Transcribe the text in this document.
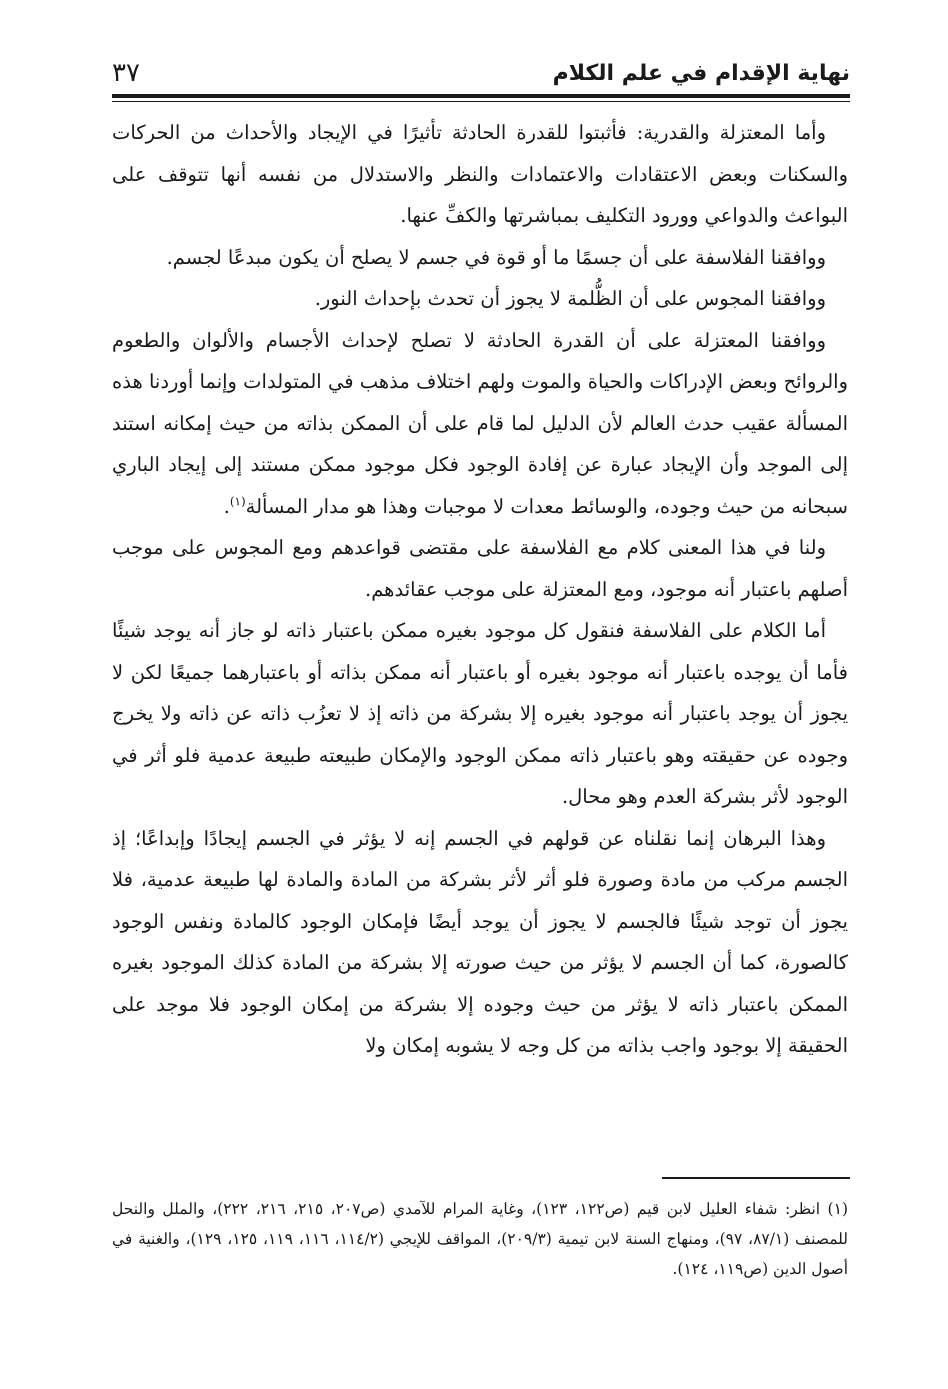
نهاية الإقدام في علم الكلام
٣٧

وأما المعتزلة والقدرية: فأثبتوا للقدرة الحادثة تأثيرًا في الإيجاد والأحداث من الحركات والسكنات وبعض الاعتقادات والاعتمادات والنظر والاستدلال من نفسه أنها تتوقف على البواعث والدواعي وورود التكليف بمباشرتها والكفِّ عنها.

ووافقنا الفلاسفة على أن جسمًا ما أو قوة في جسم لا يصلح أن يكون مبدعًا لجسم.

ووافقنا المجوس على أن الظُّلمة لا يجوز أن تحدث بإحداث النور.

ووافقنا المعتزلة على أن القدرة الحادثة لا تصلح لإحداث الأجسام والألوان والطعوم والروائح وبعض الإدراكات والحياة والموت ولهم اختلاف مذهب في المتولدات وإنما أوردنا هذه المسألة عقيب حدث العالم لأن الدليل لما قام على أن الممكن بذاته من حيث إمكانه استند إلى الموجد وأن الإيجاد عبارة عن إفادة الوجود فكل موجود ممكن مستند إلى إيجاد الباري سبحانه من حيث وجوده، والوسائط معدات لا موجبات وهذا هو مدار المسألة$^{(١)}$.

ولنا في هذا المعنى كلام مع الفلاسفة على مقتضى قواعدهم ومع المجوس على موجب أصلهم باعتبار أنه موجود، ومع المعتزلة على موجب عقائدهم.

أما الكلام على الفلاسفة فنقول كل موجود بغيره ممكن باعتبار ذاته لو جاز أنه يوجد شيئًا فأما أن يوجده باعتبار أنه موجود بغيره أو باعتبار أنه ممكن بذاته أو باعتبارهما جميعًا لكن لا يجوز أن يوجد باعتبار أنه موجود بغيره إلا بشركة من ذاته إذ لا تعزُب ذاته عن ذاته ولا يخرج وجوده عن حقيقته وهو باعتبار ذاته ممكن الوجود والإمكان طبيعته طبيعة عدمية فلو أثر في الوجود لأثر بشركة العدم وهو محال.

وهذا البرهان إنما نقلناه عن قولهم في الجسم إنه لا يؤثر في الجسم إيجادًا وإبداعًا؛ إذ الجسم مركب من مادة وصورة فلو أثر لأثر بشركة من المادة والمادة لها طبيعة عدمية، فلا يجوز أن توجد شيئًا فالجسم لا يجوز أن يوجد أيضًا فإمكان الوجود كالمادة ونفس الوجود كالصورة، كما أن الجسم لا يؤثر من حيث صورته إلا بشركة من المادة كذلك الموجود بغيره الممكن باعتبار ذاته لا يؤثر من حيث وجوده إلا بشركة من إمكان الوجود فلا موجد على الحقيقة إلا بوجود واجب بذاته من كل وجه لا يشوبه إمكان ولا

(١) انظر: شفاء العليل لابن قيم (ص١٢٢، ١٢٣)، وغاية المرام للآمدي (ص٢٠٧، ٢١٥، ٢١٦، ٢٢٢)، والملل والنحل للمصنف (٨٧/١، ٩٧)، ومنهاج السنة لابن تيمية (٢٠٩/٣)، المواقف للإيجي (١١٤/٢، ١١٦، ١١٩، ١٢٥، ١٢٩)، والغنية في أصول الدين (ص١١٩، ١٢٤).
